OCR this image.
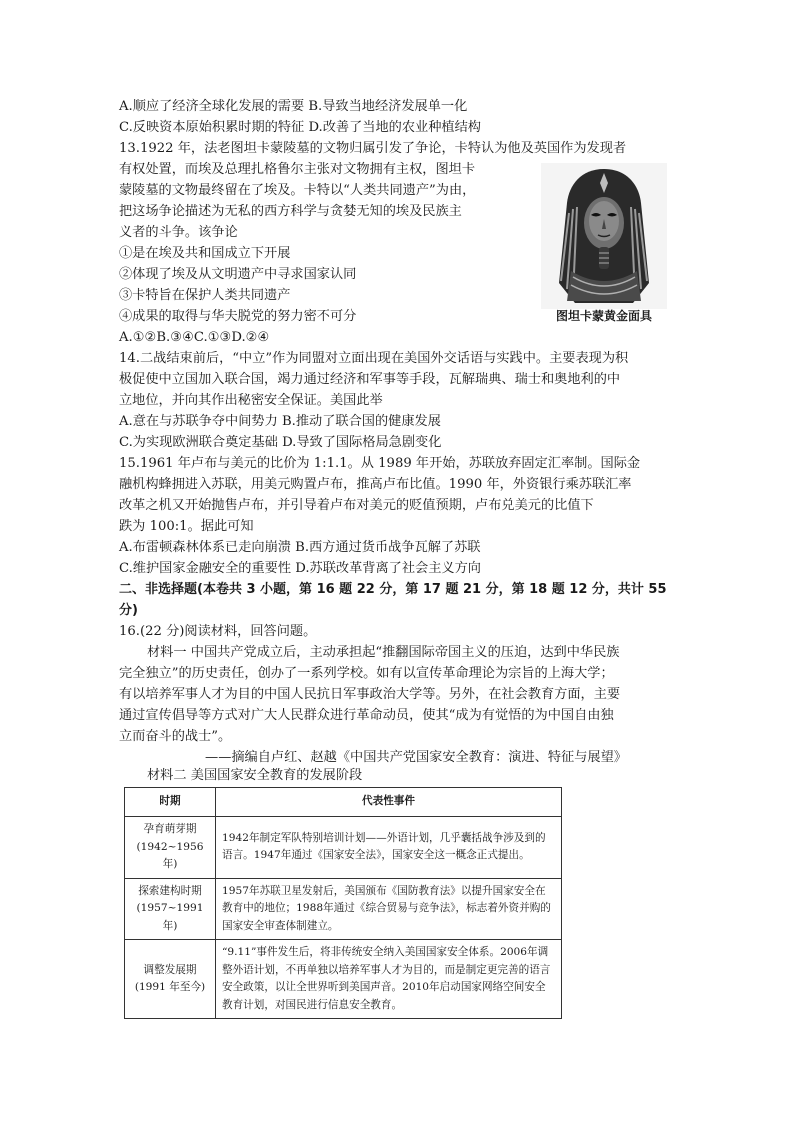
A.顺应了经济全球化发展的需要 B.导致当地经济发展单一化
C.反映资本原始积累时期的特征 D.改善了当地的农业种植结构
13.1922 年，法老图坦卡蒙陵墓的文物归属引发了争论，卡特认为他及英国作为发现者
有权处置，而埃及总理扎格鲁尔主张对文物拥有主权，图坦卡
蒙陵墓的文物最终留在了埃及。卡特以“人类共同遗产”为由，
把这场争论描述为无私的西方科学与贪婪无知的埃及民族主
义者的斗争。该争论
①是在埃及共和国成立下开展
②体现了埃及从文明遗产中寻求国家认同
③卡特旨在保护人类共同遗产
④成果的取得与华夫脱党的努力密不可分
A.①②B.③④C.①③D.②④
图坦卡蒙黄金面具
14.二战结束前后，“中立”作为同盟对立面出现在美国外交话语与实践中。主要表现为积
极促使中立国加入联合国，竭力通过经济和军事等手段，瓦解瑞典、瑞士和奥地利的中
立地位，并向其作出秘密安全保证。美国此举
A.意在与苏联争夺中间势力 B.推动了联合国的健康发展
C.为实现欧洲联合奠定基础 D.导致了国际格局急剧变化
15.1961 年卢布与美元的比价为 1:1.1。从 1989 年开始，苏联放弃固定汇率制。国际金
融机构蜂拥进入苏联，用美元购置卢布，推高卢布比值。1990 年，外资银行乘苏联汇率
改革之机又开始抛售卢布，并引导着卢布对美元的贬值预期，卢布兑美元的比值下
跌为 100:1。据此可知
A.布雷顿森林体系已走向崩溃 B.西方通过货币战争瓦解了苏联
C.维护国家金融安全的重要性 D.苏联改革背离了社会主义方向
二、非选择题(本卷共 3 小题，第 16 题 22 分，第 17 题 21 分，第 18 题 12 分，共计 55
分)
16.(22 分)阅读材料，回答问题。
材料一 中国共产党成立后，主动承担起“推翻国际帝国主义的压迫，达到中华民族
完全独立”的历史责任，创办了一系列学校。如有以宣传革命理论为宗旨的上海大学；
有以培养军事人才为目的中国人民抗日军事政治大学等。另外，在社会教育方面，主要
通过宣传倡导等方式对广大人民群众进行革命动员，使其“成为有觉悟的为中国自由独
立而奋斗的战士”。
——摘编自卢红、赵越《中国共产党国家安全教育：演进、特征与展望》
材料二 美国国家安全教育的发展阶段
时期	代表性事件

孕育萌芽期
(1942~1956 年)	1942年制定军队特别培训计划——外语计划，几乎囊括战争涉及到的语言。1947年通过《国家安全法》，国家安全这一概念正式提出。

探索建构时期
(1957~1991 年)	1957年苏联卫星发射后，美国颁布《国防教育法》以提升国家安全在教育中的地位；1988年通过《综合贸易与竞争法》，标志着外资并购的国家安全审查体制建立。

调整发展期
(1991 年至今)	“9.11”事件发生后，将非传统安全纳入美国国家安全体系。2006年调整外语计划，不再单独以培养军事人才为目的，而是制定更完善的语言安全政策，以让全世界听到美国声音。2010年启动国家网络空间安全教育计划，对国民进行信息安全教育。
